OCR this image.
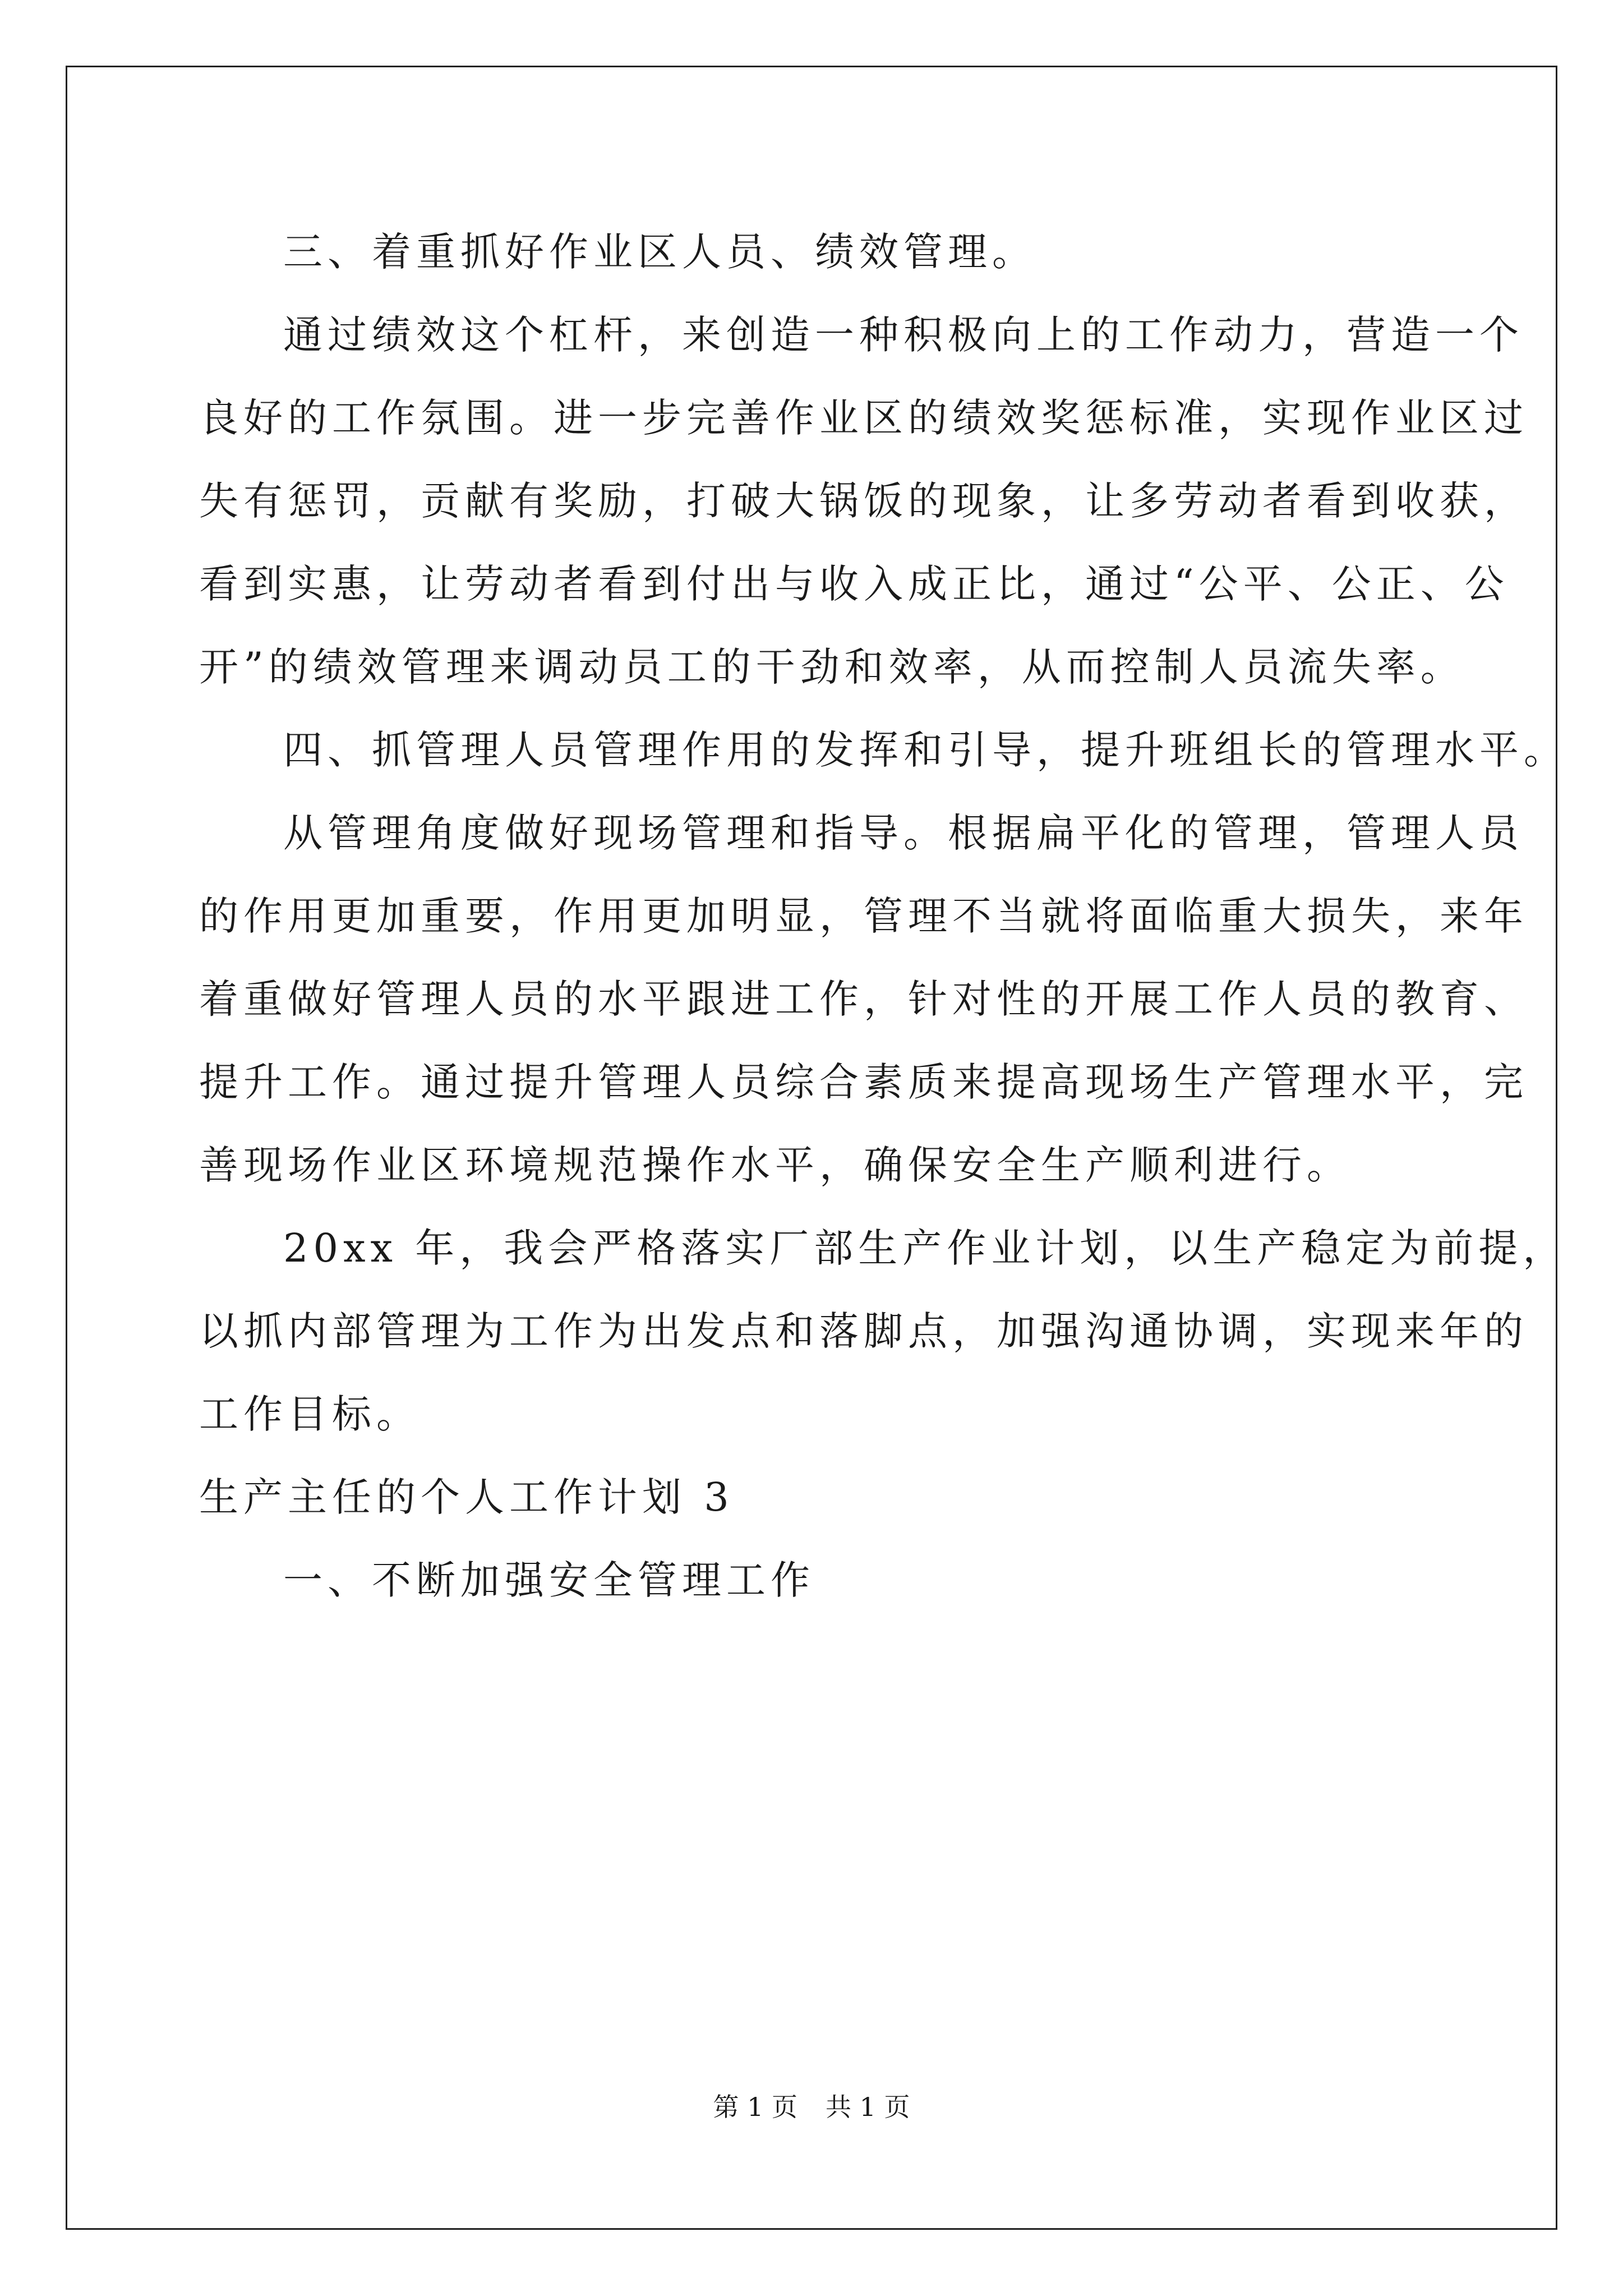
三、着重抓好作业区人员、绩效管理。
通过绩效这个杠杆，来创造一种积极向上的工作动力，营造一个
良好的工作氛围。进一步完善作业区的绩效奖惩标准，实现作业区过
失有惩罚，贡献有奖励，打破大锅饭的现象，让多劳动者看到收获，
看到实惠，让劳动者看到付出与收入成正比，通过“公平、公正、公
开”的绩效管理来调动员工的干劲和效率，从而控制人员流失率。
四、抓管理人员管理作用的发挥和引导，提升班组长的管理水平。
从管理角度做好现场管理和指导。根据扁平化的管理，管理人员
的作用更加重要，作用更加明显，管理不当就将面临重大损失，来年
着重做好管理人员的水平跟进工作，针对性的开展工作人员的教育、
提升工作。通过提升管理人员综合素质来提高现场生产管理水平，完
善现场作业区环境规范操作水平，确保安全生产顺利进行。
20xx 年，我会严格落实厂部生产作业计划，以生产稳定为前提，
以抓内部管理为工作为出发点和落脚点，加强沟通协调，实现来年的
工作目标。
生产主任的个人工作计划 3
一、不断加强安全管理工作
第 1 页 共 1 页
